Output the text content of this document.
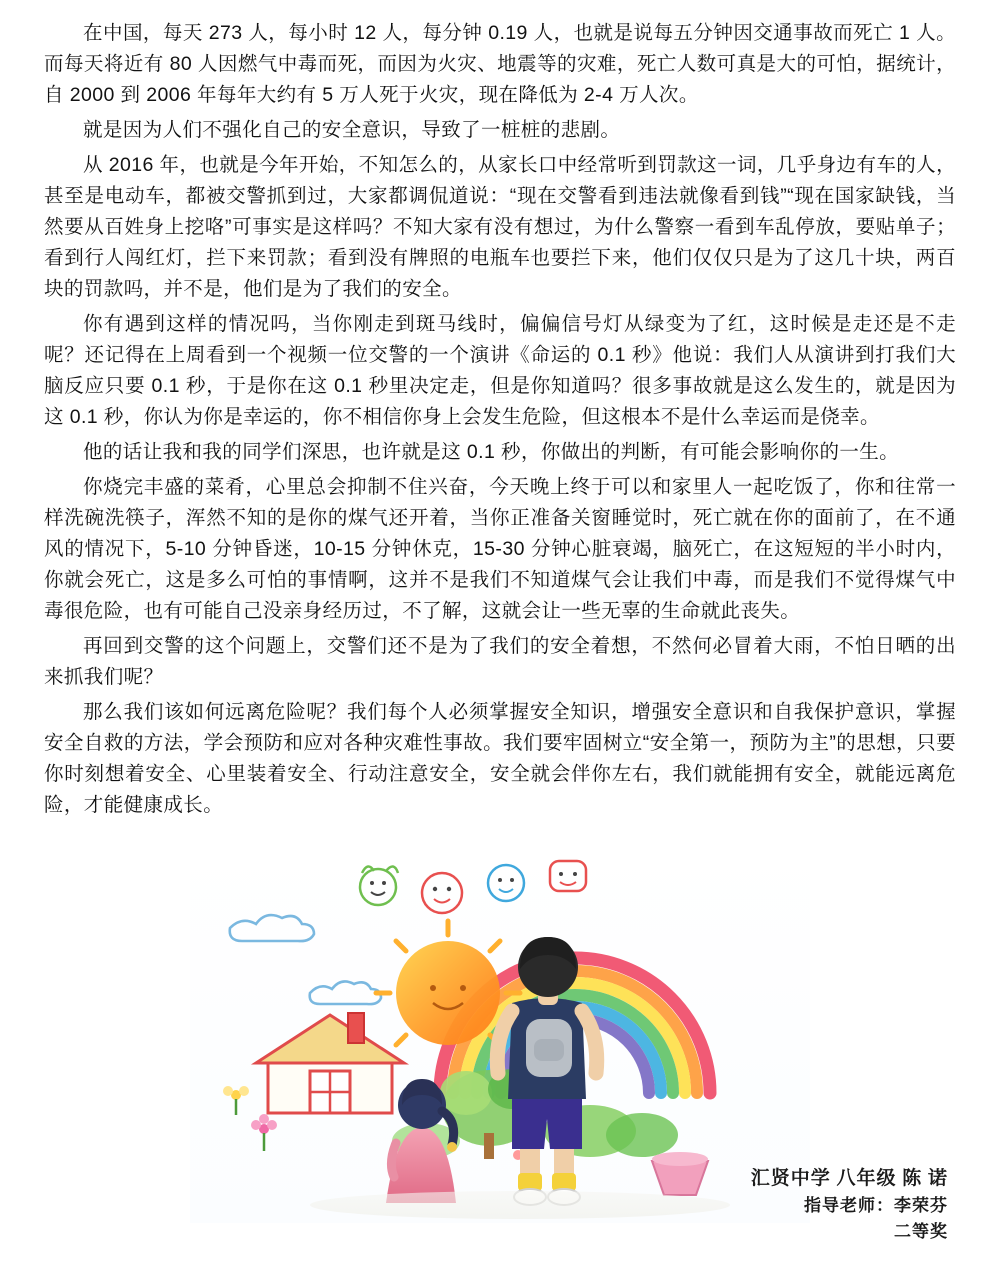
在中国，每天 273 人，每小时 12 人，每分钟 0.19 人，也就是说每五分钟因交通事故而死亡 1 人。而每天将近有 80 人因燃气中毒而死，而因为火灾、地震等的灾难，死亡人数可真是大的可怕，据统计，自 2000 到 2006 年每年大约有 5 万人死于火灾，现在降低为 2-4 万人次。

就是因为人们不强化自己的安全意识，导致了一桩桩的悲剧。

从 2016 年，也就是今年开始，不知怎么的，从家长口中经常听到罚款这一词，几乎身边有车的人，甚至是电动车，都被交警抓到过，大家都调侃道说：“现在交警看到违法就像看到钱”“现在国家缺钱，当然要从百姓身上挖咯”可事实是这样吗？不知大家有没有想过，为什么警察一看到车乱停放，要贴单子；看到行人闯红灯，拦下来罚款；看到没有牌照的电瓶车也要拦下来，他们仅仅只是为了这几十块，两百块的罚款吗，并不是，他们是为了我们的安全。

你有遇到这样的情况吗，当你刚走到斑马线时，偏偏信号灯从绿变为了红，这时候是走还是不走呢？还记得在上周看到一个视频一位交警的一个演讲《命运的 0.1 秒》他说：我们人从演讲到打我们大脑反应只要 0.1 秒，于是你在这 0.1 秒里决定走，但是你知道吗？很多事故就是这么发生的，就是因为这 0.1 秒，你认为你是幸运的，你不相信你身上会发生危险，但这根本不是什么幸运而是侥幸。

他的话让我和我的同学们深思，也许就是这 0.1 秒，你做出的判断，有可能会影响你的一生。

你烧完丰盛的菜肴，心里总会抑制不住兴奋，今天晚上终于可以和家里人一起吃饭了，你和往常一样洗碗洗筷子，浑然不知的是你的煤气还开着，当你正准备关窗睡觉时，死亡就在你的面前了，在不通风的情况下，5-10 分钟昏迷，10-15 分钟休克，15-30 分钟心脏衰竭，脑死亡，在这短短的半小时内，你就会死亡，这是多么可怕的事情啊，这并不是我们不知道煤气会让我们中毒，而是我们不觉得煤气中毒很危险，也有可能自己没亲身经历过，不了解，这就会让一些无辜的生命就此丧失。

再回到交警的这个问题上，交警们还不是为了我们的安全着想，不然何必冒着大雨，不怕日晒的出来抓我们呢？

那么我们该如何远离危险呢？我们每个人必须掌握安全知识，增强安全意识和自我保护意识，掌握安全自救的方法，学会预防和应对各种灾难性事故。我们要牢固树立“安全第一，预防为主”的思想，只要你时刻想着安全、心里装着安全、行动注意安全，安全就会伴你左右，我们就能拥有安全，就能远离危险，才能健康成长。

汇贤中学 八年级 陈 诺
指导老师：李荣芬
二等奖
